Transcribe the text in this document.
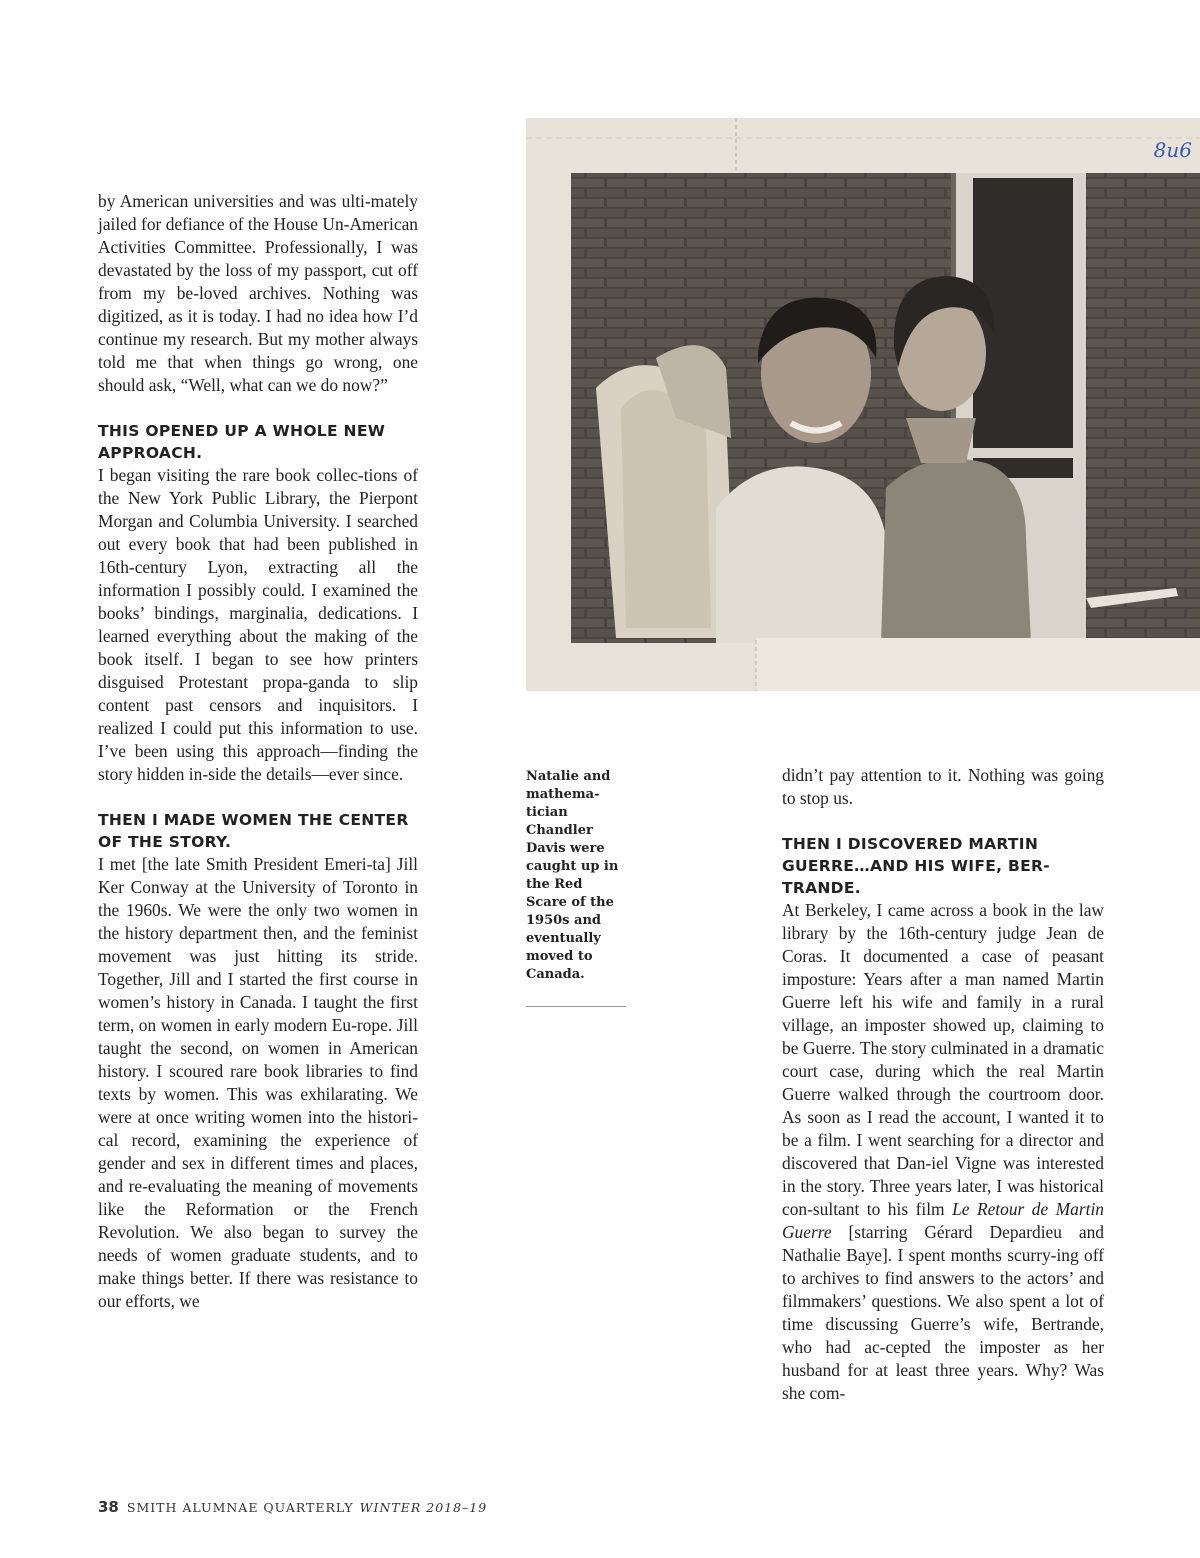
8u6

by American universities and was ulti-mately jailed for defiance of the House Un-American Activities Committee. Professionally, I was devastated by the loss of my passport, cut off from my be-loved archives. Nothing was digitized, as it is today. I had no idea how I’d continue my research. But my mother always told me that when things go wrong, one should ask, “Well, what can we do now?”

THIS OPENED UP A WHOLE NEW APPROACH.

I began visiting the rare book collec-tions of the New York Public Library, the Pierpont Morgan and Columbia University. I searched out every book that had been published in 16th-century Lyon, extracting all the information I possibly could. I examined the books’ bindings, marginalia, dedications. I learned everything about the making of the book itself. I began to see how printers disguised Protestant propa-ganda to slip content past censors and inquisitors. I realized I could put this information to use. I’ve been using this approach—finding the story hidden in-side the details—ever since.

THEN I MADE WOMEN THE CENTER OF THE STORY.

I met [the late Smith President Emeri-ta] Jill Ker Conway at the University of Toronto in the 1960s. We were the only two women in the history department then, and the feminist movement was just hitting its stride. Together, Jill and I started the first course in women’s history in Canada. I taught the first term, on women in early modern Eu-rope. Jill taught the second, on women in American history. I scoured rare book libraries to find texts by women. This was exhilarating. We were at once writing women into the histori-cal record, examining the experience of gender and sex in different times and places, and re-evaluating the meaning of movements like the Reformation or the French Revolution. We also began to survey the needs of women graduate students, and to make things better. If there was resistance to our efforts, we

Natalie and mathema-tician Chandler Davis were caught up in the Red Scare of the 1950s and eventually moved to Canada.

didn’t pay attention to it. Nothing was going to stop us.

THEN I DISCOVERED MARTIN GUERRE…AND HIS WIFE, BER-TRANDE.

At Berkeley, I came across a book in the law library by the 16th-century judge Jean de Coras. It documented a case of peasant imposture: Years after a man named Martin Guerre left his wife and family in a rural village, an imposter showed up, claiming to be Guerre. The story culminated in a dramatic court case, during which the real Martin Guerre walked through the courtroom door. As soon as I read the account, I wanted it to be a film. I went searching for a director and discovered that Dan-iel Vigne was interested in the story. Three years later, I was historical con-sultant to his film Le Retour de Martin Guerre [starring Gérard Depardieu and Nathalie Baye]. I spent months scurry-ing off to archives to find answers to the actors’ and filmmakers’ questions. We also spent a lot of time discussing Guerre’s wife, Bertrande, who had ac-cepted the imposter as her husband for at least three years. Why? Was she com-

38 SMITH ALUMNAE QUARTERLY WINTER 2018–19
